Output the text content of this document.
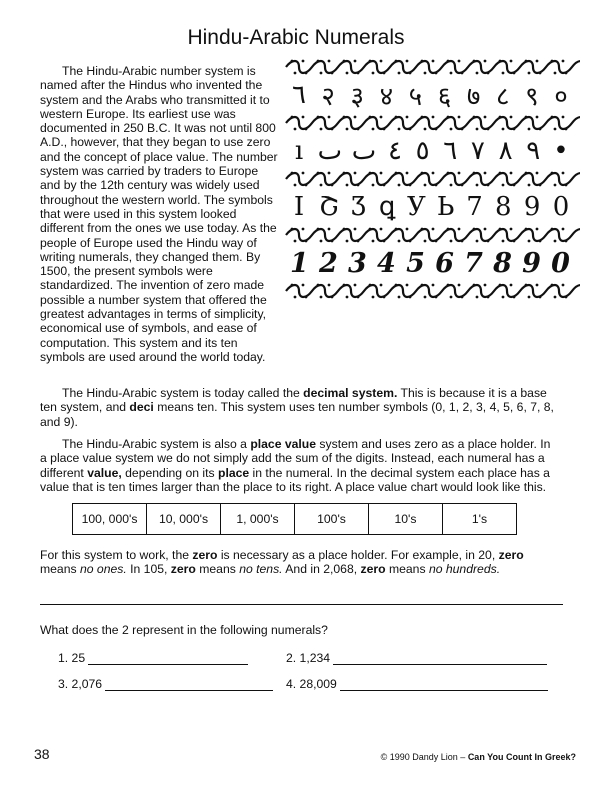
Hindu-Arabic Numerals
The Hindu-Arabic number system is named after the Hindus who invented the system and the Arabs who transmitted it to western Europe. Its earliest use was documented in 250 B.C. It was not until 800 A.D., however, that they began to use zero and the concept of place value. The number system was carried by traders to Europe and by the 12th century was widely used throughout the western world. The symbols that were used in this system looked different from the ones we use today. As the people of Europe used the Hindu way of writing numerals, they changed them. By 1500, the present symbols were standardized. The invention of zero made possible a number system that offered the greatest advantages in terms of simplicity, economical use of symbols, and ease of computation. This system and its ten symbols are used around the world today.
٦ २ ३ ४ ५ ६ ७ ८ ९ ०
ı ٮ ٮ ٤ ٥ ٦ ٧ ٨ ٩ •
I Շ Ʒ ꝗ У Ь 7 8 9 0
1 2 3 4 5 6 7 8 9 0
The Hindu-Arabic system is today called the decimal system. This is because it is a base ten system, and deci means ten. This system uses ten number symbols (0, 1, 2, 3, 4, 5, 6, 7, 8, and 9).
The Hindu-Arabic system is also a place value system and uses zero as a place holder. In a place value system we do not simply add the sum of the digits. Instead, each numeral has a different value, depending on its place in the numeral. In the decimal system each place has a value that is ten times larger than the place to its right. A place value chart would look like this.
100, 000's	10, 000's	1, 000's	100's	10's	1's
For this system to work, the zero is necessary as a place holder. For example, in 20, zero means no ones. In 105, zero means no tens. And in 2,068, zero means no hundreds.
What does the 2 represent in the following numerals?
1. 25	2. 1,234
3. 2,076	4. 28,009
38	© 1990 Dandy Lion – Can You Count In Greek?
